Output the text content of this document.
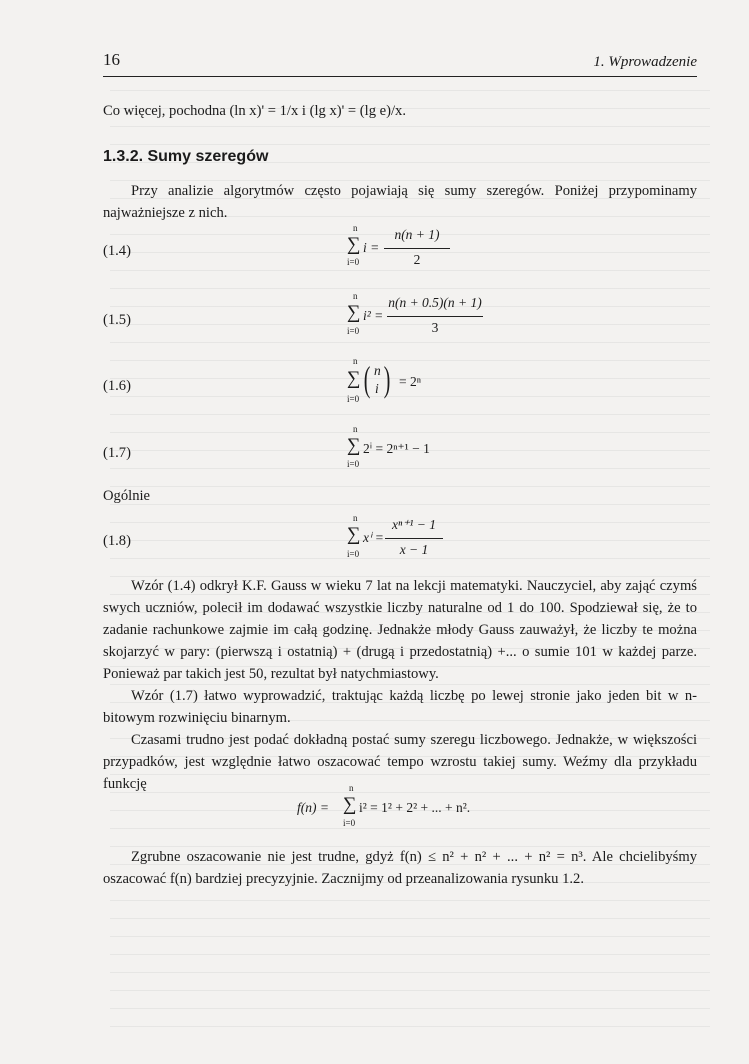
16	1. Wprowadzenie
Co więcej, pochodna (ln x)' = 1/x i (lg x)' = (lg e)/x.
1.3.2. Sumy szeregów
Przy analizie algorytmów często pojawiają się sumy szeregów. Poniżej przypominamy najważniejsze z nich.
(1.4)
n
∑
i=0
i =
n(n + 1)
2
(1.5)
n
∑
i=0
i² =
n(n + 0.5)(n + 1)
3
(1.6)
n
∑
i=0 ( n
i ) = 2ⁿ
(1.7)
n
∑
i=0
2ⁱ = 2ⁿ⁺¹ − 1
Ogólnie
(1.8)
n
∑
i=0
xⁱ =
xⁿ⁺¹ − 1
x − 1
Wzór (1.4) odkrył K.F. Gauss w wieku 7 lat na lekcji matematyki. Nauczyciel, aby zająć czymś swych uczniów, polecił im dodawać wszystkie liczby naturalne od 1 do 100. Spodziewał się, że to zadanie rachunkowe zajmie im całą godzinę. Jednakże młody Gauss zauważył, że liczby te można skojarzyć w pary: (pierwszą i ostatnią) + (drugą i przedostatnią) +... o sumie 101 w każdej parze. Ponieważ par takich jest 50, rezultat był natychmiastowy.
Wzór (1.7) łatwo wyprowadzić, traktując każdą liczbę po lewej stronie jako jeden bit w n-bitowym rozwinięciu binarnym.
Czasami trudno jest podać dokładną postać sumy szeregu liczbowego. Jednakże, w większości przypadków, jest względnie łatwo oszacować tempo wzrostu takiej sumy. Weźmy dla przykładu funkcję
f(n) =
n
∑
i=0
i² = 1² + 2² + ... + n².
Zgrubne oszacowanie nie jest trudne, gdyż f(n) ≤ n² + n² + ... + n² = n³. Ale chcielibyśmy oszacować f(n) bardziej precyzyjnie. Zacznijmy od przeanalizowania rysunku 1.2.
